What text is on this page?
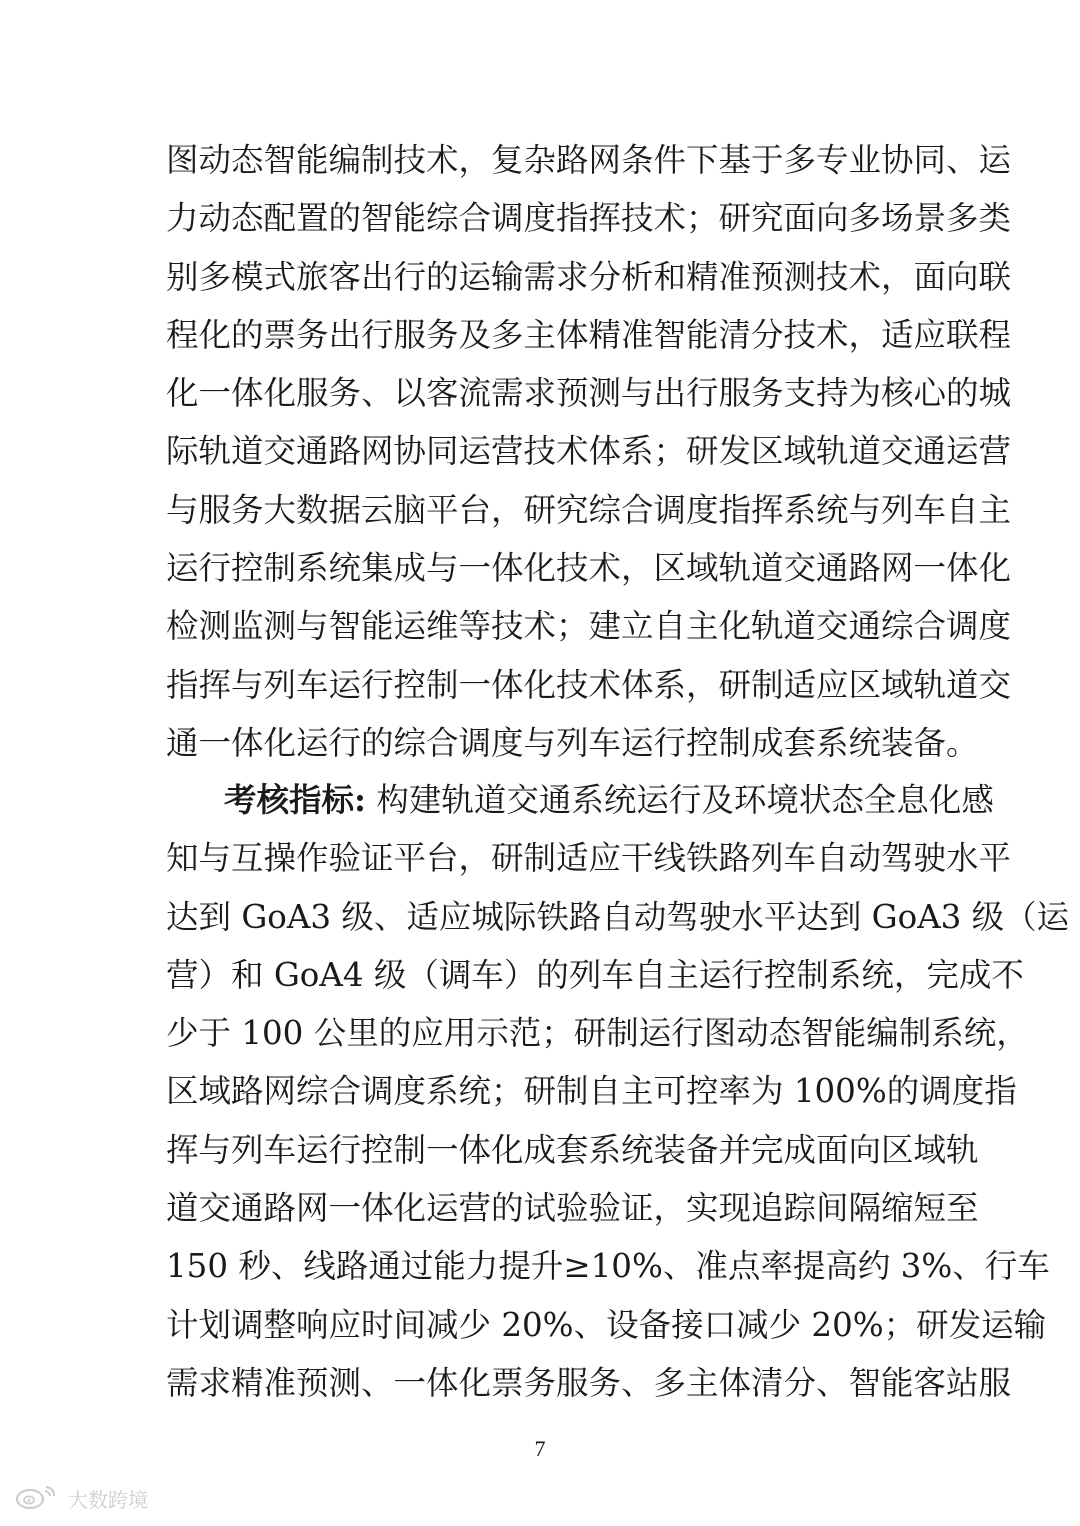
图动态智能编制技术，复杂路网条件下基于多专业协同、运
力动态配置的智能综合调度指挥技术；研究面向多场景多类
别多模式旅客出行的运输需求分析和精准预测技术，面向联
程化的票务出行服务及多主体精准智能清分技术，适应联程
化一体化服务、以客流需求预测与出行服务支持为核心的城
际轨道交通路网协同运营技术体系；研发区域轨道交通运营
与服务大数据云脑平台，研究综合调度指挥系统与列车自主
运行控制系统集成与一体化技术，区域轨道交通路网一体化
检测监测与智能运维等技术；建立自主化轨道交通综合调度
指挥与列车运行控制一体化技术体系，研制适应区域轨道交
通一体化运行的综合调度与列车运行控制成套系统装备。
考核指标: 构建轨道交通系统运行及环境状态全息化感
知与互操作验证平台，研制适应干线铁路列车自动驾驶水平
达到 GoA3 级、适应城际铁路自动驾驶水平达到 GoA3 级（运
营）和 GoA4 级（调车）的列车自主运行控制系统，完成不
少于 100 公里的应用示范；研制运行图动态智能编制系统，
区域路网综合调度系统；研制自主可控率为 100%的调度指
挥与列车运行控制一体化成套系统装备并完成面向区域轨
道交通路网一体化运营的试验验证，实现追踪间隔缩短至
150 秒、线路通过能力提升≥10%、准点率提高约 3%、行车
计划调整响应时间减少 20%、设备接口减少 20%；研发运输
需求精准预测、一体化票务服务、多主体清分、智能客站服
7
大数跨境
